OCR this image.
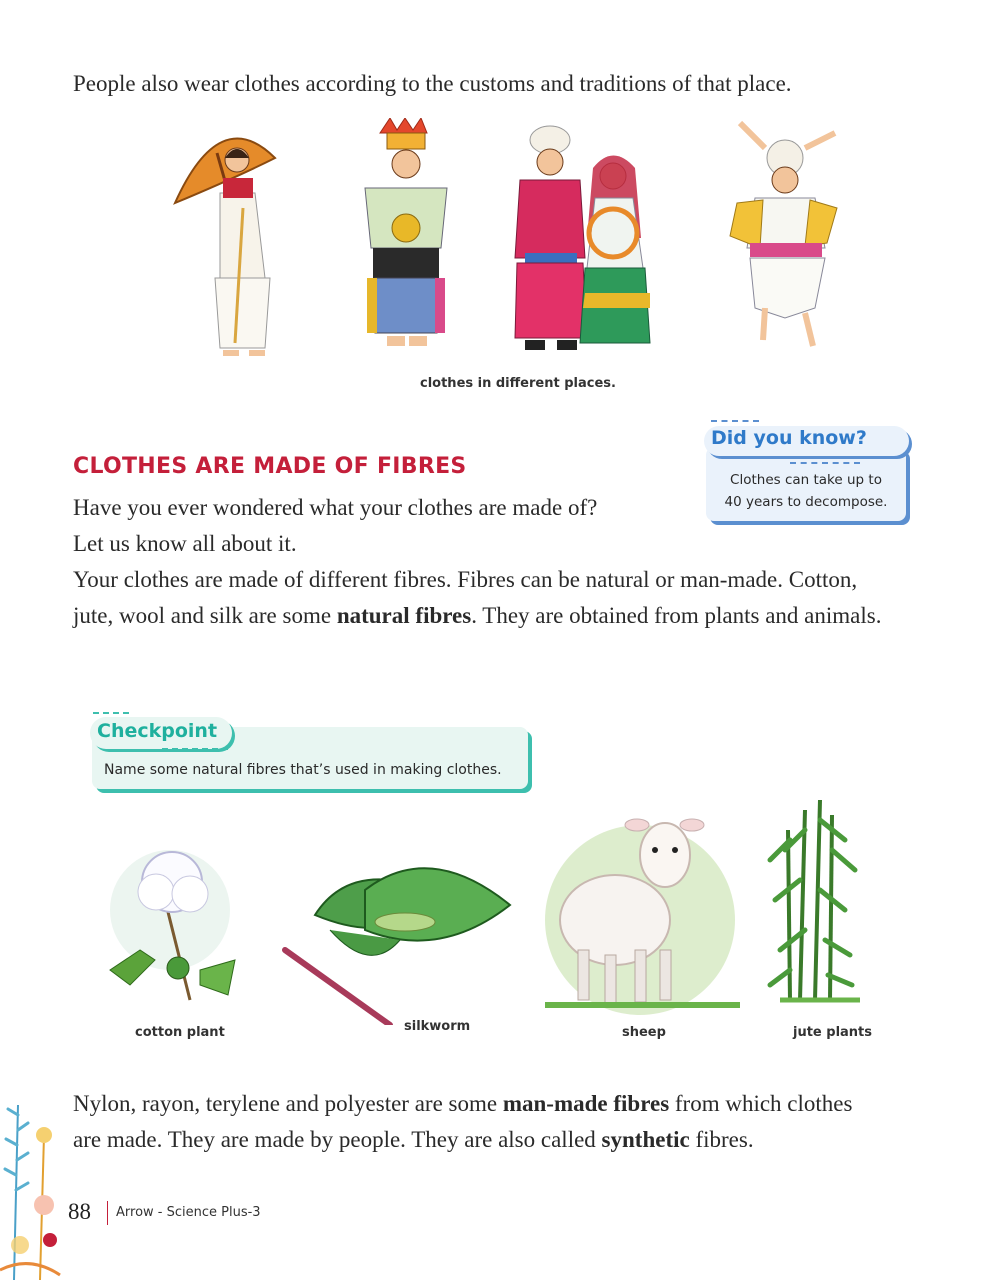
People also wear clothes according to the customs and traditions of that place.

clothes in different places.
CLOTHES ARE MADE OF FIBRES
Did you know?
Clothes can take up to
40 years to decompose.

Have you ever wondered what your clothes are made of?

Let us know all about it.

Your clothes are made of different fibres. Fibres can be natural or man-made. Cotton,

jute, wool and silk are some natural fibres. They are obtained from plants and animals.

Checkpoint
Name some natural fibres that’s used in making clothes.
cotton plant	silkworm	sheep	jute plants

Nylon, rayon, terylene and polyester are some man-made fibres from which clothes

are made. They are made by people. They are also called synthetic fibres.

88 Arrow - Science Plus-3
